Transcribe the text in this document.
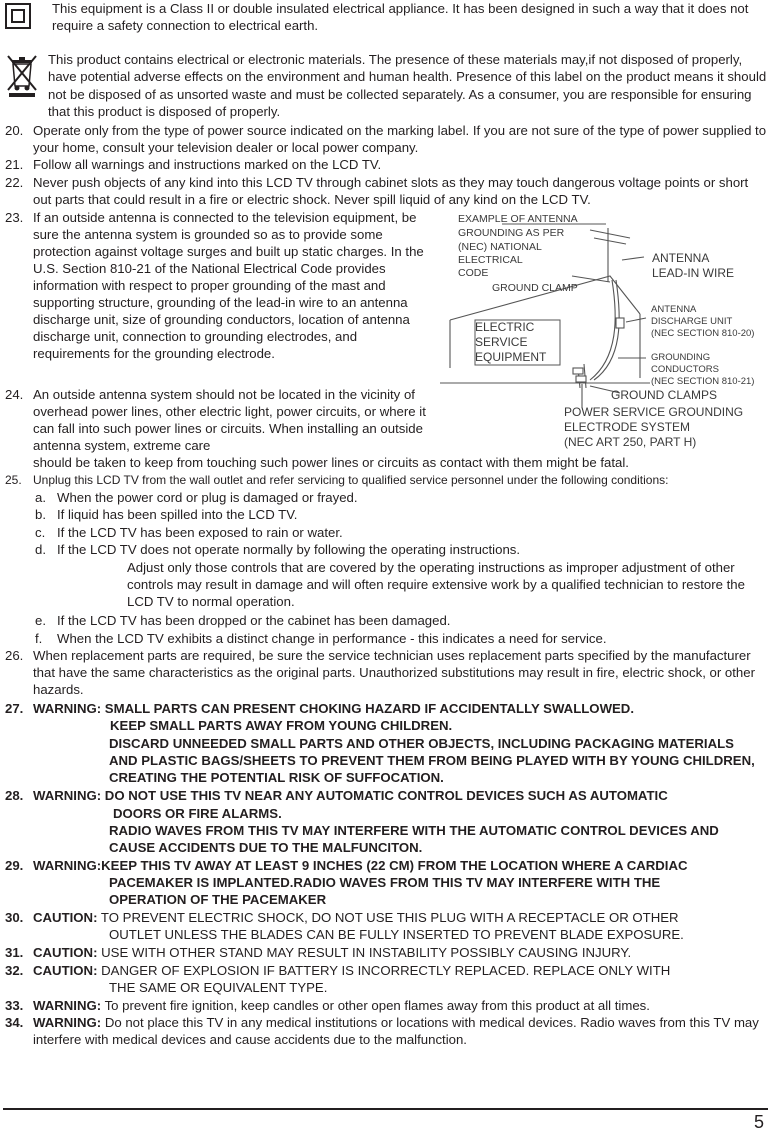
This equipment is a Class II or double insulated electrical appliance. It has been designed in such a way that it does not require a safety connection to electrical earth.
This product contains electrical or electronic materials. The presence of these materials may,if not disposed of properly, have potential adverse effects on the environment and human health. Presence of this label on the product means it should not be disposed of as unsorted waste and must be collected separately. As a consumer, you are responsible for ensuring that this product is disposed of properly.
20. Operate only from the type of power source indicated on the marking label. If you are not sure of the type of power supplied to your home, consult your television dealer or local power company.
21. Follow all warnings and instructions marked on the LCD TV.
22. Never push objects of any kind into this LCD TV through cabinet slots as they may touch dangerous voltage points or short out parts that could result in a fire or electric shock. Never spill liquid of any kind on the LCD TV.
23. If an outside antenna is connected to the television equipment, be sure the antenna system is grounded so as to provide some protection against voltage surges and built up static charges. In the U.S. Section 810-21 of the National Electrical Code provides information with respect to proper grounding of the mast and supporting structure, grounding of the lead-in wire to an antenna discharge unit, size of grounding conductors, location of antenna discharge unit, connection to grounding electrodes, and requirements for the grounding electrode.
24. An outside antenna system should not be located in the vicinity of overhead power lines, other electric light, power circuits, or where it can fall into such power lines or circuits. When installing an outside antenna system, extreme care
should be taken to keep from touching such power lines or circuits as contact with them might be fatal.
EXAMPLE OF ANTENNA
GROUNDING AS PER
(NEC) NATIONAL
ELECTRICAL
CODE
GROUND CLAMP
ELECTRIC
SERVICE
EQUIPMENT
ANTENNA
LEAD-IN WIRE
ANTENNA
DISCHARGE UNIT
(NEC SECTION 810-20)
GROUNDING
CONDUCTORS
(NEC SECTION 810-21)
GROUND CLAMPS
POWER SERVICE GROUNDING
ELECTRODE SYSTEM
(NEC ART 250, PART H)
25. Unplug this LCD TV from the wall outlet and refer servicing to qualified service personnel under the following conditions:
a. When the power cord or plug is damaged or frayed.
b. If liquid has been spilled into the LCD TV.
c. If the LCD TV has been exposed to rain or water.
d. If the LCD TV does not operate normally by following the operating instructions.
Adjust only those controls that are covered by the operating instructions as improper adjustment of other controls may result in damage and will often require extensive work by a qualified technician to restore the LCD TV to normal operation.
e. If the LCD TV has been dropped or the cabinet has been damaged.
f. When the LCD TV exhibits a distinct change in performance - this indicates a need for service.
26. When replacement parts are required, be sure the service technician uses replacement parts specified by the manufacturer that have the same characteristics as the original parts. Unauthorized substitutions may result in fire, electric shock, or other hazards.
27. WARNING: SMALL PARTS CAN PRESENT CHOKING HAZARD IF ACCIDENTALLY SWALLOWED.
KEEP SMALL PARTS AWAY FROM YOUNG CHILDREN.
DISCARD UNNEEDED SMALL PARTS AND OTHER OBJECTS, INCLUDING PACKAGING MATERIALS AND PLASTIC BAGS/SHEETS TO PREVENT THEM FROM BEING PLAYED WITH BY YOUNG CHILDREN, CREATING THE POTENTIAL RISK OF SUFFOCATION.
28. WARNING: DO NOT USE THIS TV NEAR ANY AUTOMATIC CONTROL DEVICES SUCH AS AUTOMATIC
DOORS OR FIRE ALARMS.
RADIO WAVES FROM THIS TV MAY INTERFERE WITH THE AUTOMATIC CONTROL DEVICES AND CAUSE ACCIDENTS DUE TO THE MALFUNCITON.
29. WARNING:KEEP THIS TV AWAY AT LEAST 9 INCHES (22 CM) FROM THE LOCATION WHERE A CARDIAC
PACEMAKER IS IMPLANTED.RADIO WAVES FROM THIS TV MAY INTERFERE WITH THE OPERATION OF THE PACEMAKER
30. CAUTION: TO PREVENT ELECTRIC SHOCK, DO NOT USE THIS PLUG WITH A RECEPTACLE OR OTHER
OUTLET UNLESS THE BLADES CAN BE FULLY INSERTED TO PREVENT BLADE EXPOSURE.
31. CAUTION: USE WITH OTHER STAND MAY RESULT IN INSTABILITY POSSIBLY CAUSING INJURY.
32. CAUTION: DANGER OF EXPLOSION IF BATTERY IS INCORRECTLY REPLACED. REPLACE ONLY WITH
THE SAME OR EQUIVALENT TYPE.
33. WARNING: To prevent fire ignition, keep candles or other open flames away from this product at all times.
34. WARNING: Do not place this TV in any medical institutions or locations with medical devices. Radio waves from this TV may interfere with medical devices and cause accidents due to the malfunction.
5
